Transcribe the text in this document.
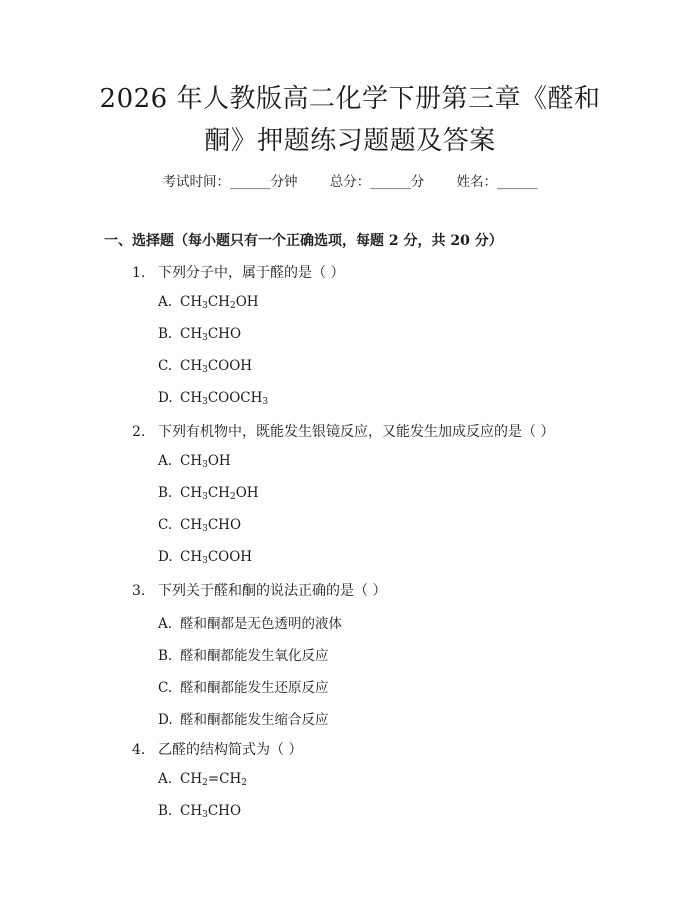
2026 年人教版高二化学下册第三章《醛和
酮》押题练习题题及答案
考试时间：______分钟 总分：______分 姓名：______
一、选择题（每小题只有一个正确选项，每题 2 分，共 20 分）
1. 下列分子中，属于醛的是（ ）
A. $CH_3CH_2OH$
B. $CH_3CHO$
C. $CH_3COOH$
D. $CH_3COOCH_3$
2. 下列有机物中，既能发生银镜反应，又能发生加成反应的是（ ）
A. $CH_3OH$
B. $CH_3CH_2OH$
C. $CH_3CHO$
D. $CH_3COOH$
3. 下列关于醛和酮的说法正确的是（ ）
A. 醛和酮都是无色透明的液体
B. 醛和酮都能发生氧化反应
C. 醛和酮都能发生还原反应
D. 醛和酮都能发生缩合反应
4. 乙醛的结构简式为（ ）
A. $CH_2=CH_2$
B. $CH_3CHO$
